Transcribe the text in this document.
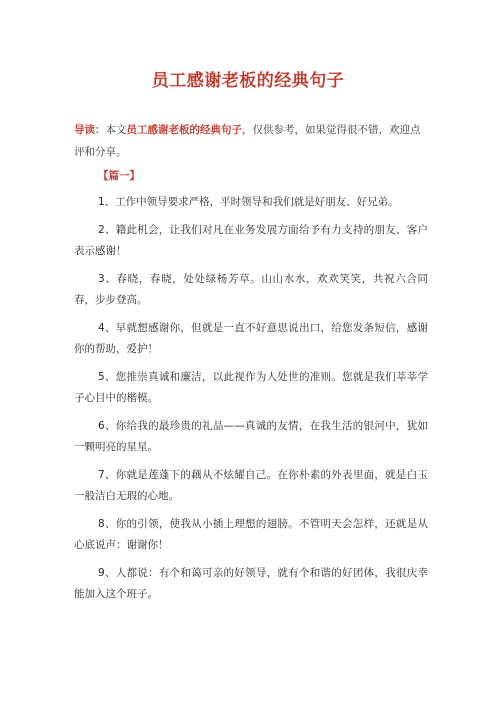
员工感谢老板的经典句子
导读：本文员工感谢老板的经典句子，仅供参考，如果觉得很不错，欢迎点评和分享。
【篇一】
1、工作中领导要求严格，平时领导和我们就是好朋友、好兄弟。
2、籍此机会，让我们对凡在业务发展方面给予有力支持的朋友、客户表示感谢！
3、春晓，春晓，处处绿杨芳草。山山水水，欢欢笑笑，共祝六合同春，步步登高。
4、早就想感谢你，但就是一直不好意思说出口，给您发条短信，感谢你的帮助，爱护！
5、您推崇真诚和廉洁，以此视作为人处世的准则。您就是我们莘莘学子心目中的楷模。
6、你给我的最珍贵的礼品——真诚的友情，在我生活的银河中，犹如一颗明亮的星星。
7、你就是莲蓬下的藕从不炫耀自己。在你朴素的外表里面，就是白玉一般洁白无瑕的心地。
8、你的引领，使我从小插上理想的翅膀。不管明天会怎样，还就是从心底说声：谢谢你！
9、人都说：有个和蔼可亲的好领导，就有个和谐的好团体，我很庆幸能加入这个班子。
